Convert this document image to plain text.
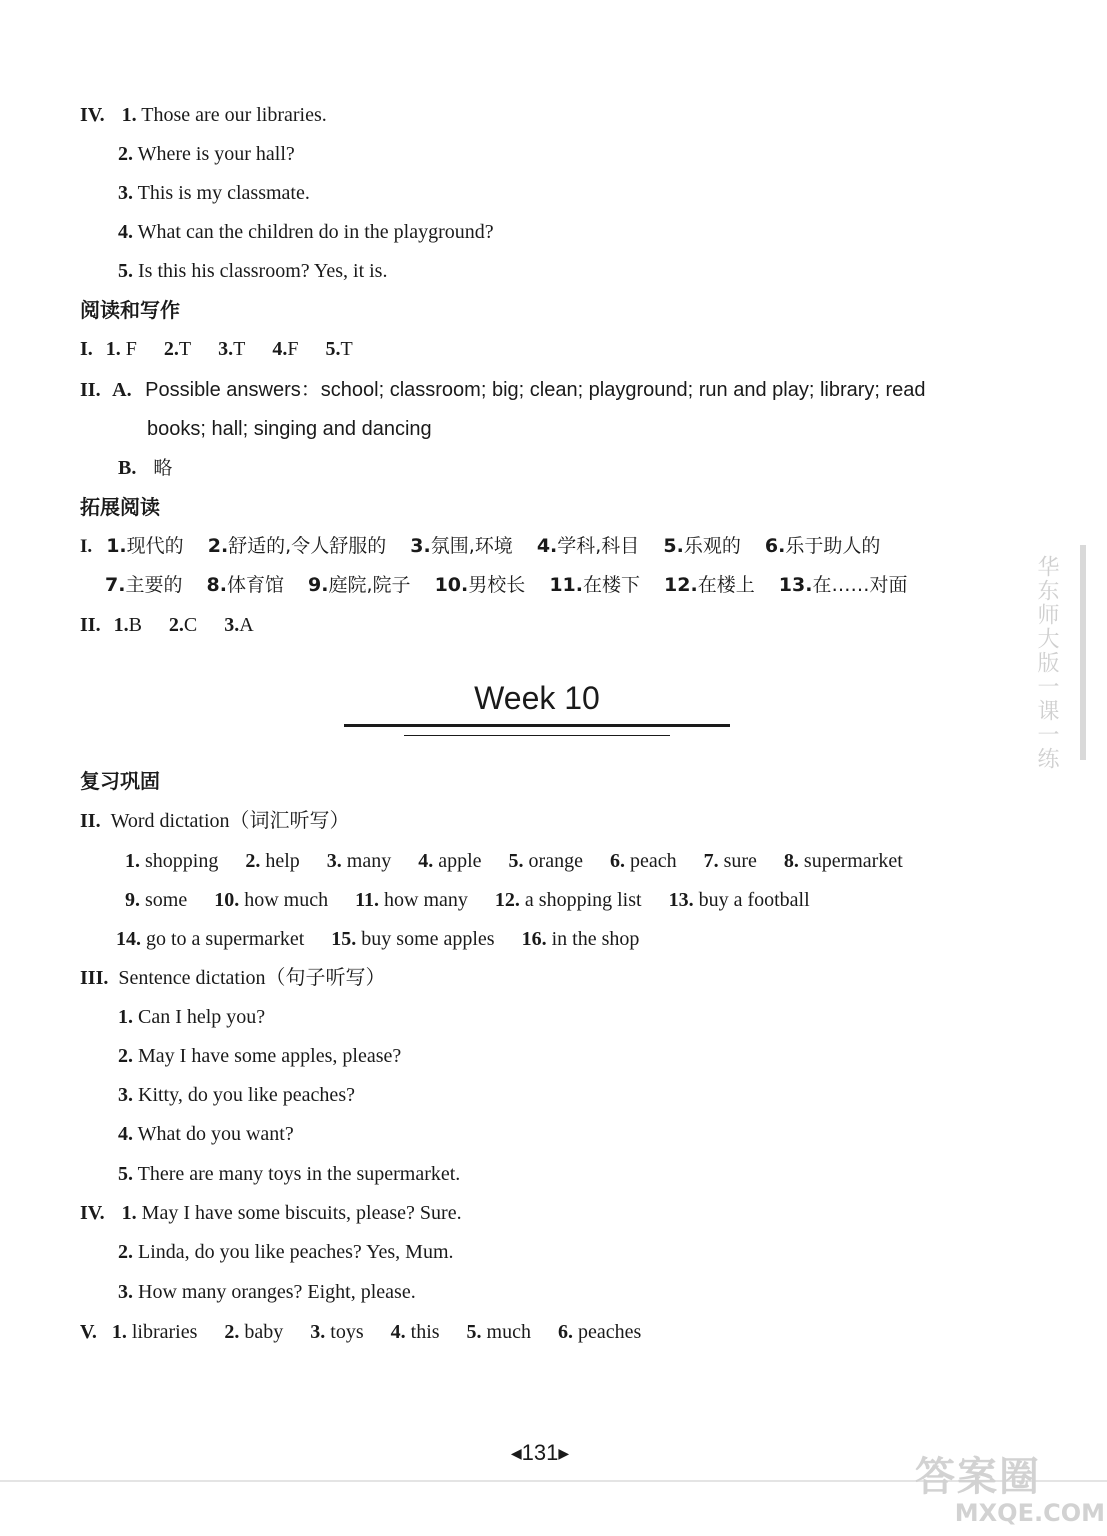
IV. 1. Those are our libraries.
2. Where is your hall?
3. This is my classmate.
4. What can the children do in the playground?
5. Is this his classroom? Yes, it is.
阅读和写作
I. 1. F 2.T 3.T 4.F 5.T
II. A. Possible answers：school; classroom; big; clean; playground; run and play; library; read
books; hall; singing and dancing
B. 略
拓展阅读
I. 1.现代的 2.舒适的,令人舒服的 3.氛围,环境 4.学科,科目 5.乐观的 6.乐于助人的
7.主要的 8.体育馆 9.庭院,院子 10.男校长 11.在楼下 12.在楼上 13.在……对面
II. 1.B 2.C 3.A
Week 10
复习巩固
II. Word dictation（词汇听写）
1. shopping 2. help 3. many 4. apple 5. orange 6. peach 7. sure 8. supermarket
9. some 10. how much 11. how many 12. a shopping list 13. buy a football
14. go to a supermarket 15. buy some apples 16. in the shop
III. Sentence dictation（句子听写）
1. Can I help you?
2. May I have some apples, please?
3. Kitty, do you like peaches?
4. What do you want?
5. There are many toys in the supermarket.
IV. 1. May I have some biscuits, please? Sure.
2. Linda, do you like peaches? Yes, Mum.
3. How many oranges? Eight, please.
V. 1. libraries 2. baby 3. toys 4. this 5. much 6. peaches
◀131▶
华东师大版一课一练
答案圈
MXQE.COM
